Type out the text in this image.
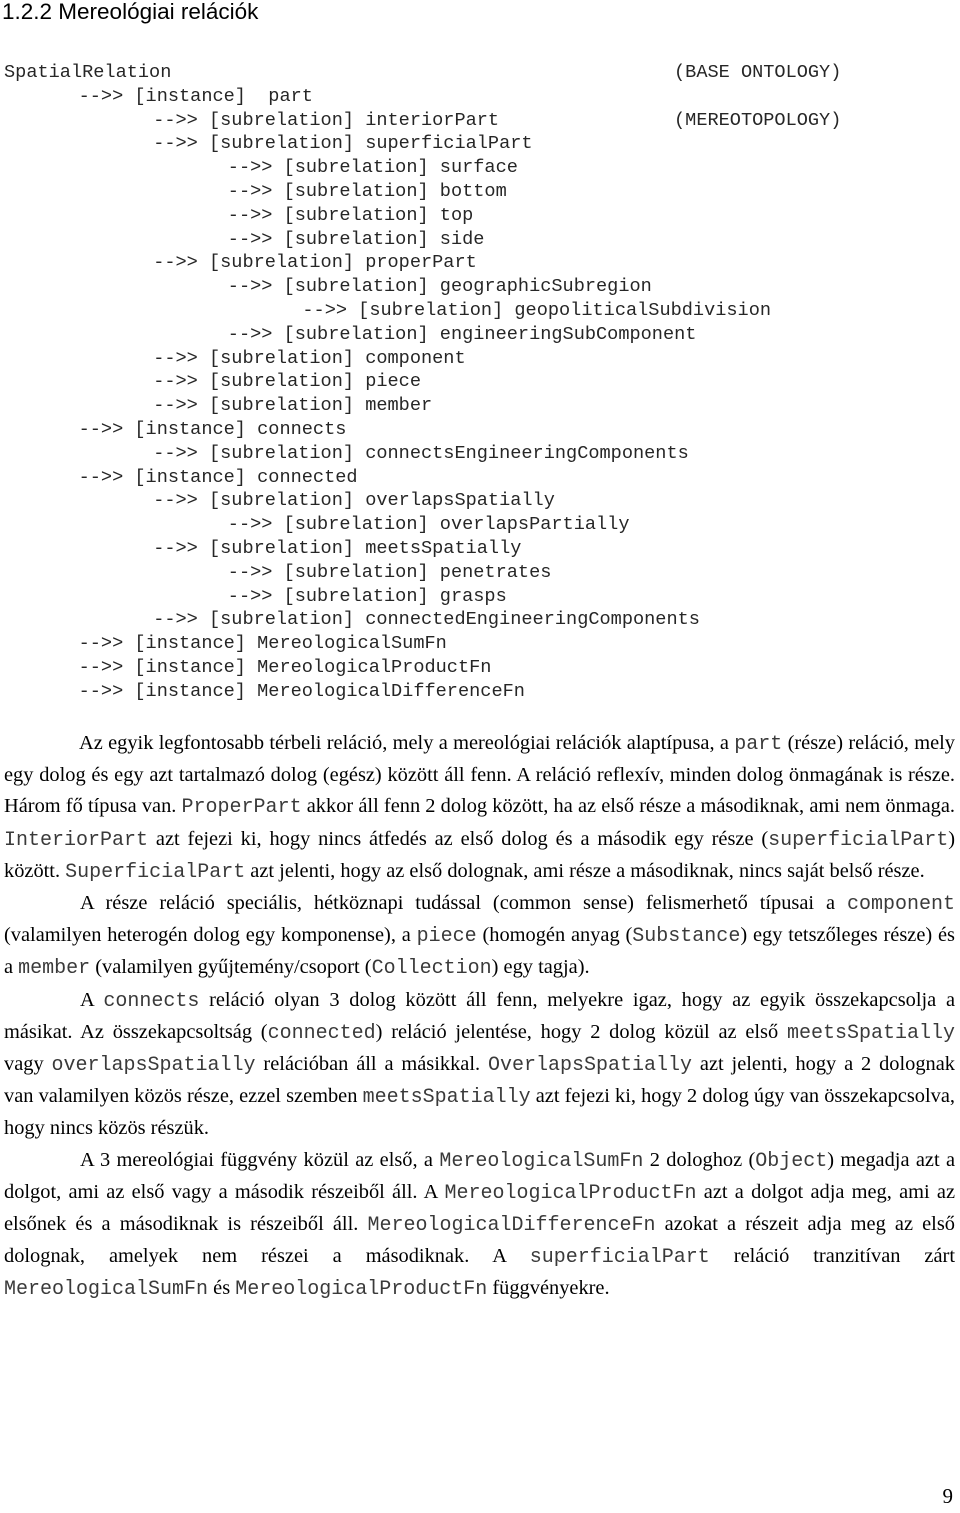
1.2.2 Mereológiai relációk
SpatialRelation	(BASE ONTOLOGY)
-->> [instance]  part
-->> [subrelation] interiorPart	(MEREOTOPOLOGY)
-->> [subrelation] superficialPart
-->> [subrelation] surface
-->> [subrelation] bottom
-->> [subrelation] top
-->> [subrelation] side
-->> [subrelation] properPart
-->> [subrelation] geographicSubregion
-->> [subrelation] geopoliticalSubdivision
-->> [subrelation] engineeringSubComponent
-->> [subrelation] component
-->> [subrelation] piece
-->> [subrelation] member
-->> [instance] connects
-->> [subrelation] connectsEngineeringComponents
-->> [instance] connected
-->> [subrelation] overlapsSpatially
-->> [subrelation] overlapsPartially
-->> [subrelation] meetsSpatially
-->> [subrelation] penetrates
-->> [subrelation] grasps
-->> [subrelation] connectedEngineeringComponents
-->> [instance] MereologicalSumFn
-->> [instance] MereologicalProductFn
-->> [instance] MereologicalDifferenceFn

Az egyik legfontosabb térbeli reláció, mely a mereológiai relációk alaptípusa, a part (része) reláció, mely egy dolog és egy azt tartalmazó dolog (egész) között áll fenn. A reláció reflexív, minden dolog önmagának is része. Három fő típusa van. ProperPart akkor áll fenn 2 dolog között, ha az első része a másodiknak, ami nem önmaga. InteriorPart azt fejezi ki, hogy nincs átfedés az első dolog és a második egy része (superficialPart) között. SuperficialPart azt jelenti, hogy az első dolognak, ami része a másodiknak, nincs saját belső része.

A része reláció speciális, hétköznapi tudással (common sense) felismerhető típusai a component (valamilyen heterogén dolog egy komponense), a piece (homogén anyag (Substance) egy tetszőleges része) és a member (valamilyen gyűjtemény/csoport (Collection) egy tagja).

A connects reláció olyan 3 dolog között áll fenn, melyekre igaz, hogy az egyik összekapcsolja a másikat. Az összekapcsoltság (connected) reláció jelentése, hogy 2 dolog közül az első meetsSpatially vagy overlapsSpatially relációban áll a másikkal. OverlapsSpatially azt jelenti, hogy a 2 dolognak van valamilyen közös része, ezzel szemben meetsSpatially azt fejezi ki, hogy 2 dolog úgy van összekapcsolva, hogy nincs közös részük.

A 3 mereológiai függvény közül az első, a MereologicalSumFn 2 dologhoz (Object) megadja azt a dolgot, ami az első vagy a második részeiből áll. A MereologicalProductFn azt a dolgot adja meg, ami az elsőnek és a másodiknak is részeiből áll. MereologicalDifferenceFn azokat a részeit adja meg az első dolognak, amelyek nem részei a másodiknak. A superficialPart reláció tranzitívan zárt MereologicalSumFn és MereologicalProductFn függvényekre.

9
